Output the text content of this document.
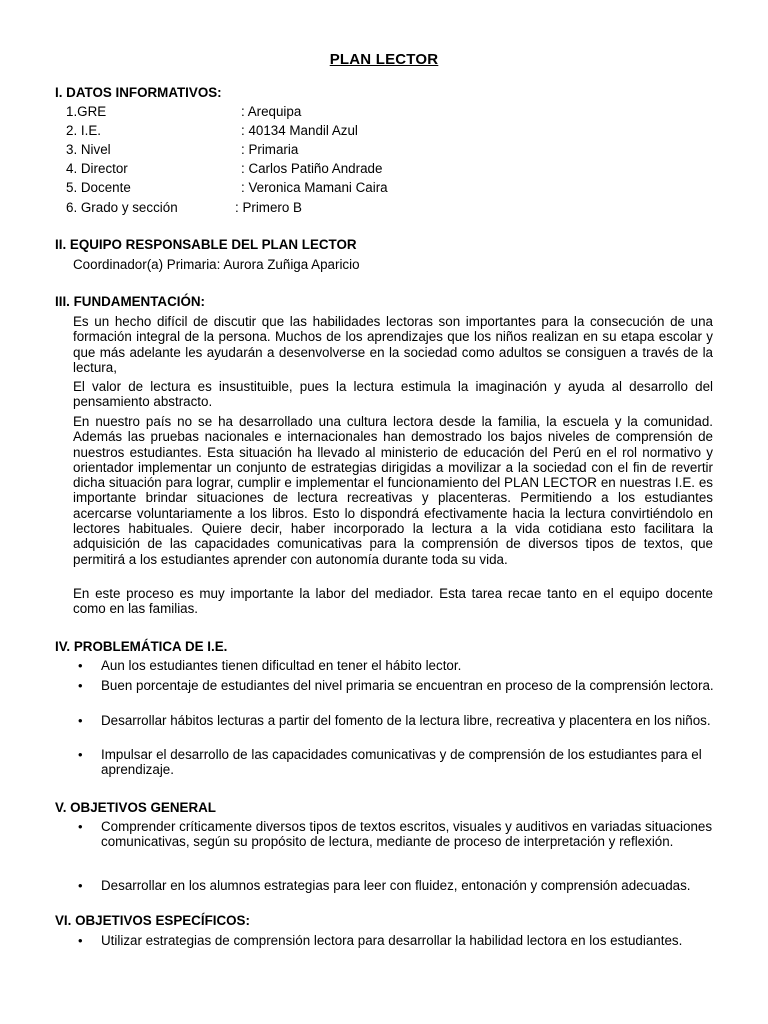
PLAN LECTOR
I. DATOS INFORMATIVOS:
1.GRE	: Arequipa
2. I.E.	: 40134 Mandil Azul
3. Nivel	: Primaria
4. Director	: Carlos Patiño Andrade
5. Docente	: Veronica Mamani Caira
6. Grado y sección	: Primero B
II. EQUIPO RESPONSABLE DEL PLAN LECTOR
Coordinador(a) Primaria: Aurora Zuñiga Aparicio
III. FUNDAMENTACIÓN:

Es un hecho difícil de discutir que las habilidades lectoras son importantes para la consecución de una formación integral de la persona. Muchos de los aprendizajes que los niños realizan en su etapa escolar y que más adelante les ayudarán a desenvolverse en la sociedad como adultos se consiguen a través de la lectura,

El valor de lectura es insustituible, pues la lectura estimula la imaginación y ayuda al desarrollo del pensamiento abstracto.

En nuestro país no se ha desarrollado una cultura lectora desde la familia, la escuela y la comunidad. Además las pruebas nacionales e internacionales han demostrado los bajos niveles de comprensión de nuestros estudiantes. Esta situación ha llevado al ministerio de educación del Perú en el rol normativo y orientador implementar un conjunto de estrategias dirigidas a movilizar a la sociedad con el fin de revertir dicha situación para lograr, cumplir e implementar el funcionamiento del PLAN LECTOR en nuestras I.E. es importante brindar situaciones de lectura recreativas y placenteras. Permitiendo a los estudiantes acercarse voluntariamente a los libros. Esto lo dispondrá efectivamente hacia la lectura convirtiéndolo en lectores habituales. Quiere decir, haber incorporado la lectura a la vida cotidiana esto facilitara la adquisición de las capacidades comunicativas para la comprensión de diversos tipos de textos, que permitirá a los estudiantes aprender con autonomía durante toda su vida.

En este proceso es muy importante la labor del mediador. Esta tarea recae tanto en el equipo docente como en las familias.

IV. PROBLEMÁTICA DE I.E.
• Aun los estudiantes tienen dificultad en tener el hábito lector.
• Buen porcentaje de estudiantes del nivel primaria se encuentran en proceso de la comprensión lectora.
• Desarrollar hábitos lecturas a partir del fomento de la lectura libre, recreativa y placentera en los niños.
• Impulsar el desarrollo de las capacidades comunicativas y de comprensión de los estudiantes para el aprendizaje.
V. OBJETIVOS GENERAL
• Comprender críticamente diversos tipos de textos escritos, visuales y auditivos en variadas situaciones comunicativas, según su propósito de lectura, mediante de proceso de interpretación y reflexión.
• Desarrollar en los alumnos estrategias para leer con fluidez, entonación y comprensión adecuadas.
VI. OBJETIVOS ESPECÍFICOS:
• Utilizar estrategias de comprensión lectora para desarrollar la habilidad lectora en los estudiantes.
